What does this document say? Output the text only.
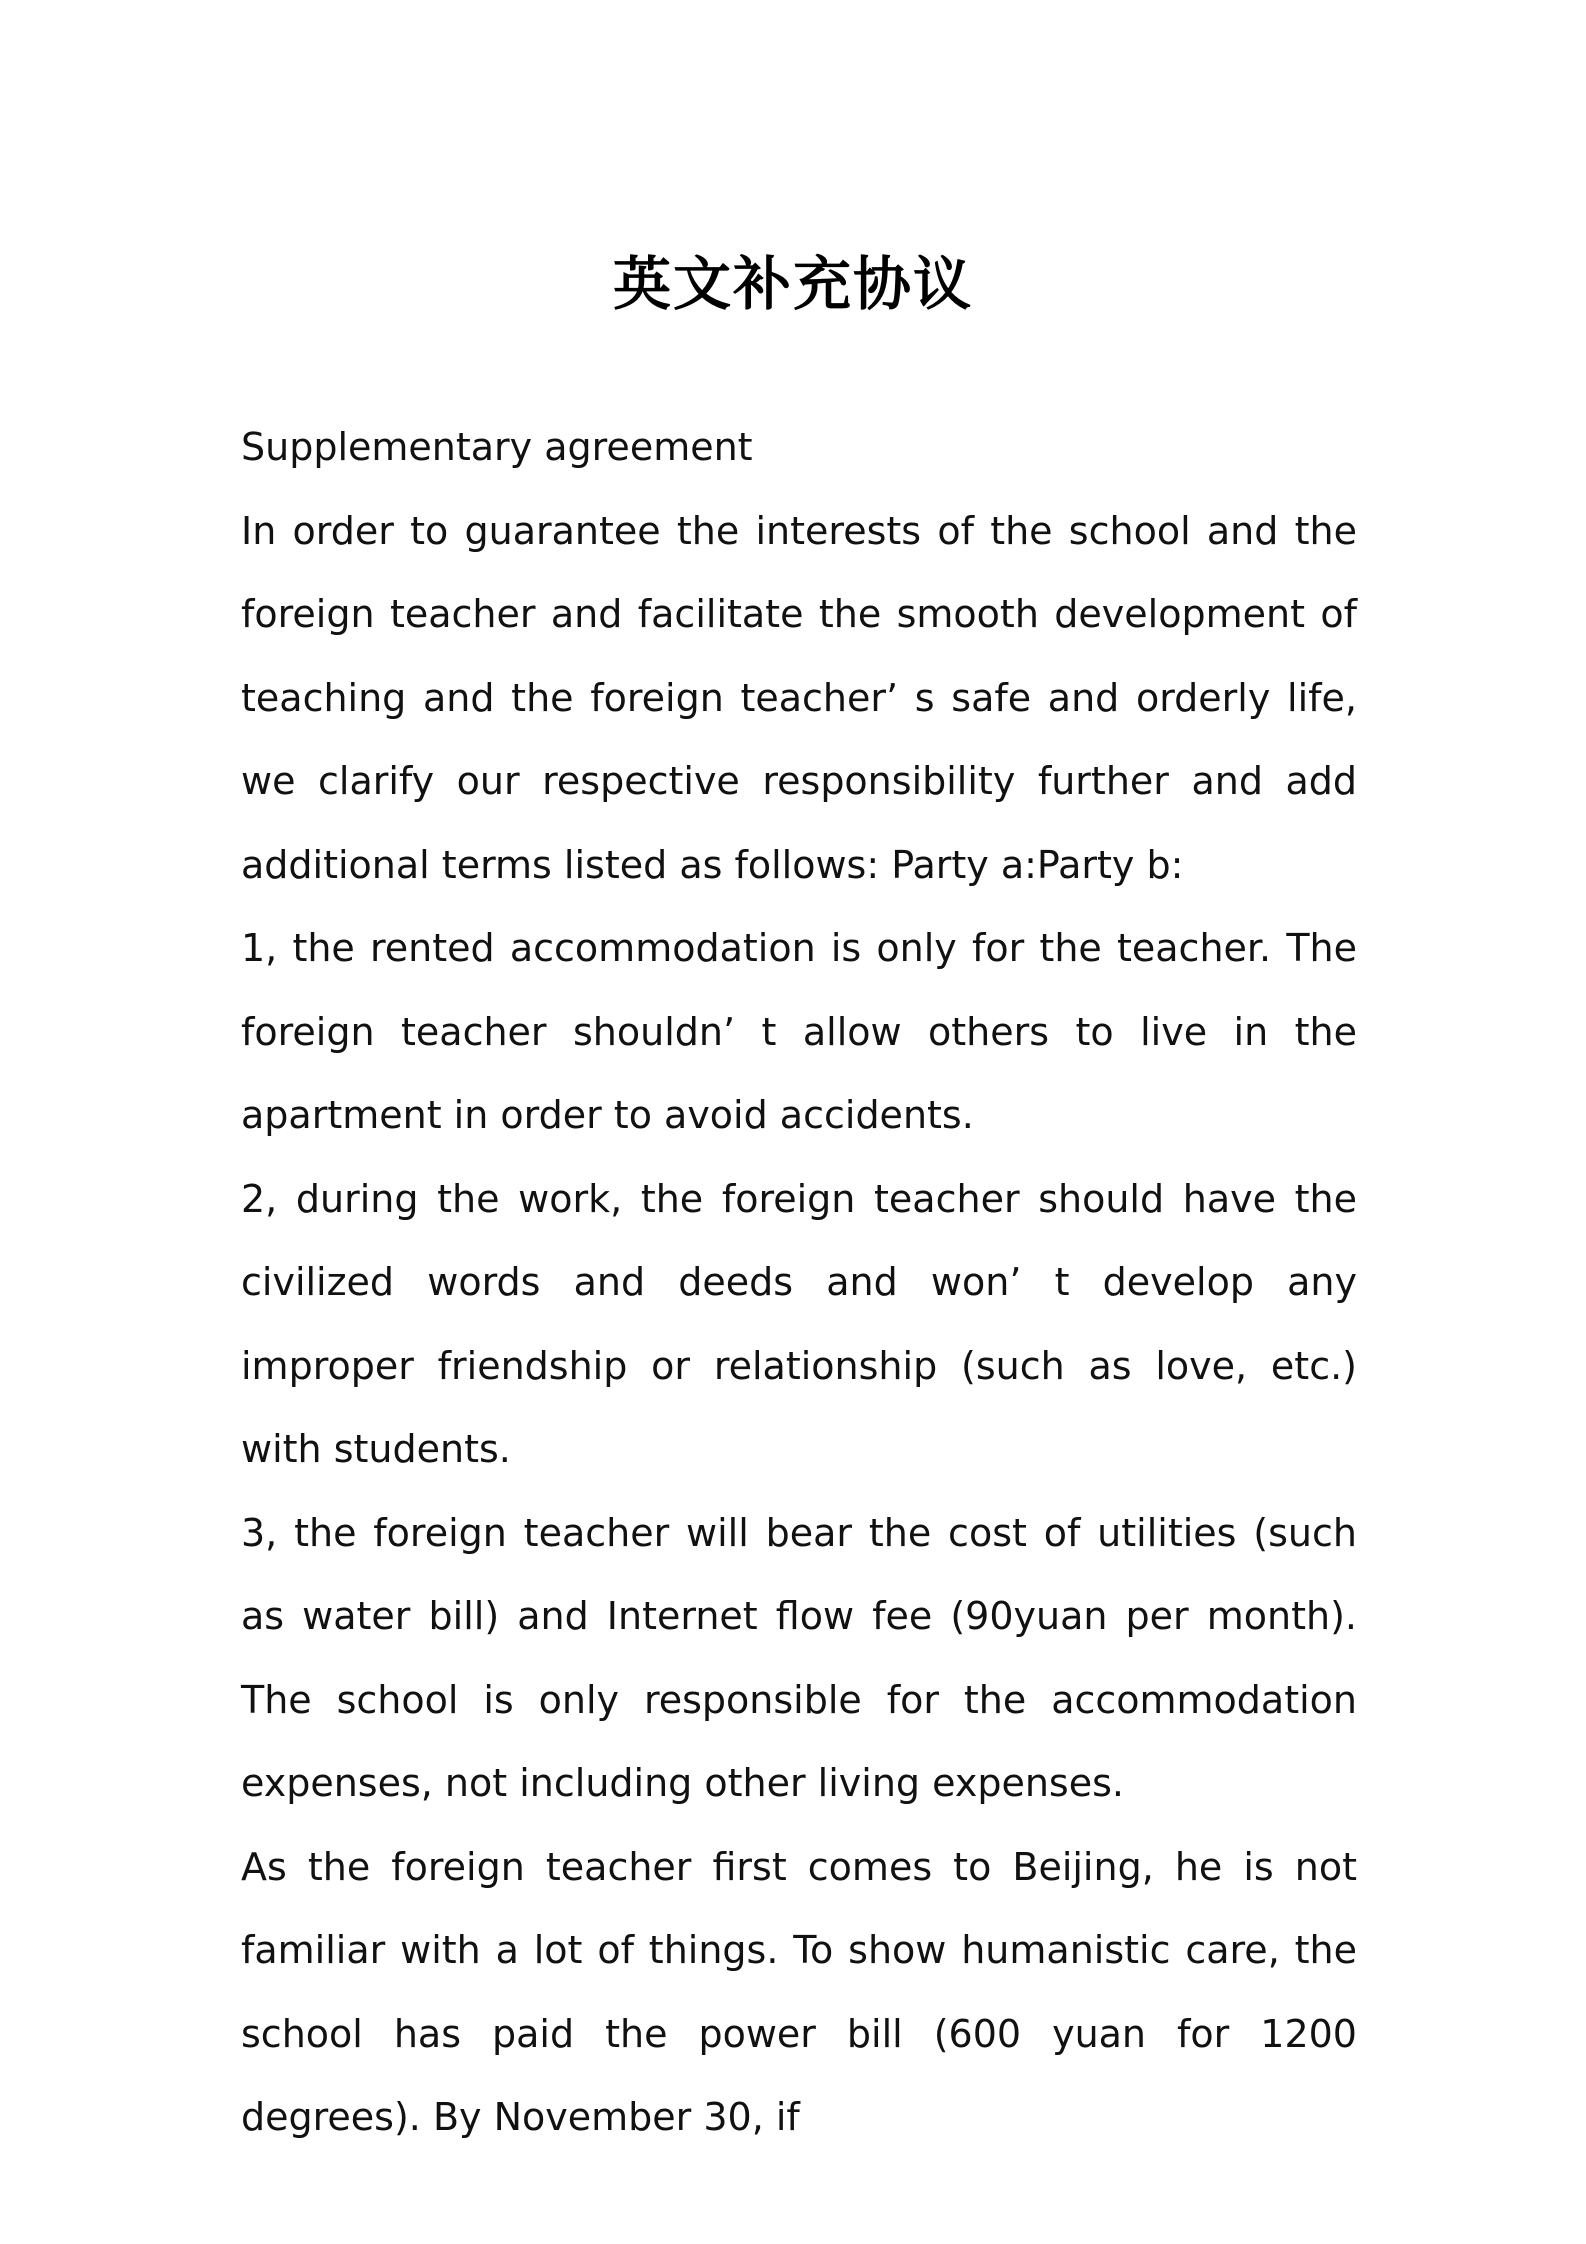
英文补充协议

Supplementary agreement

In order to guarantee the interests of the school and the foreign teacher and facilitate the smooth development of teaching and the foreign teacher’ s safe and orderly life, we clarify our respective responsibility further and add additional terms listed as follows: Party a:Party b:

1, the rented accommodation is only for the teacher. The foreign teacher shouldn’ t allow others to live in the apartment in order to avoid accidents.

2, during the work, the foreign teacher should have the civilized words and deeds and won’ t develop any improper friendship or relationship (such as love, etc.) with students.

3, the foreign teacher will bear the cost of utilities (such as water bill) and Internet flow fee (90yuan per month). The school is only responsible for the accommodation expenses, not including other living expenses.

As the foreign teacher first comes to Beijing, he is not familiar with a lot of things. To show humanistic care, the school has paid the power bill (600 yuan for 1200 degrees). By November 30, if
